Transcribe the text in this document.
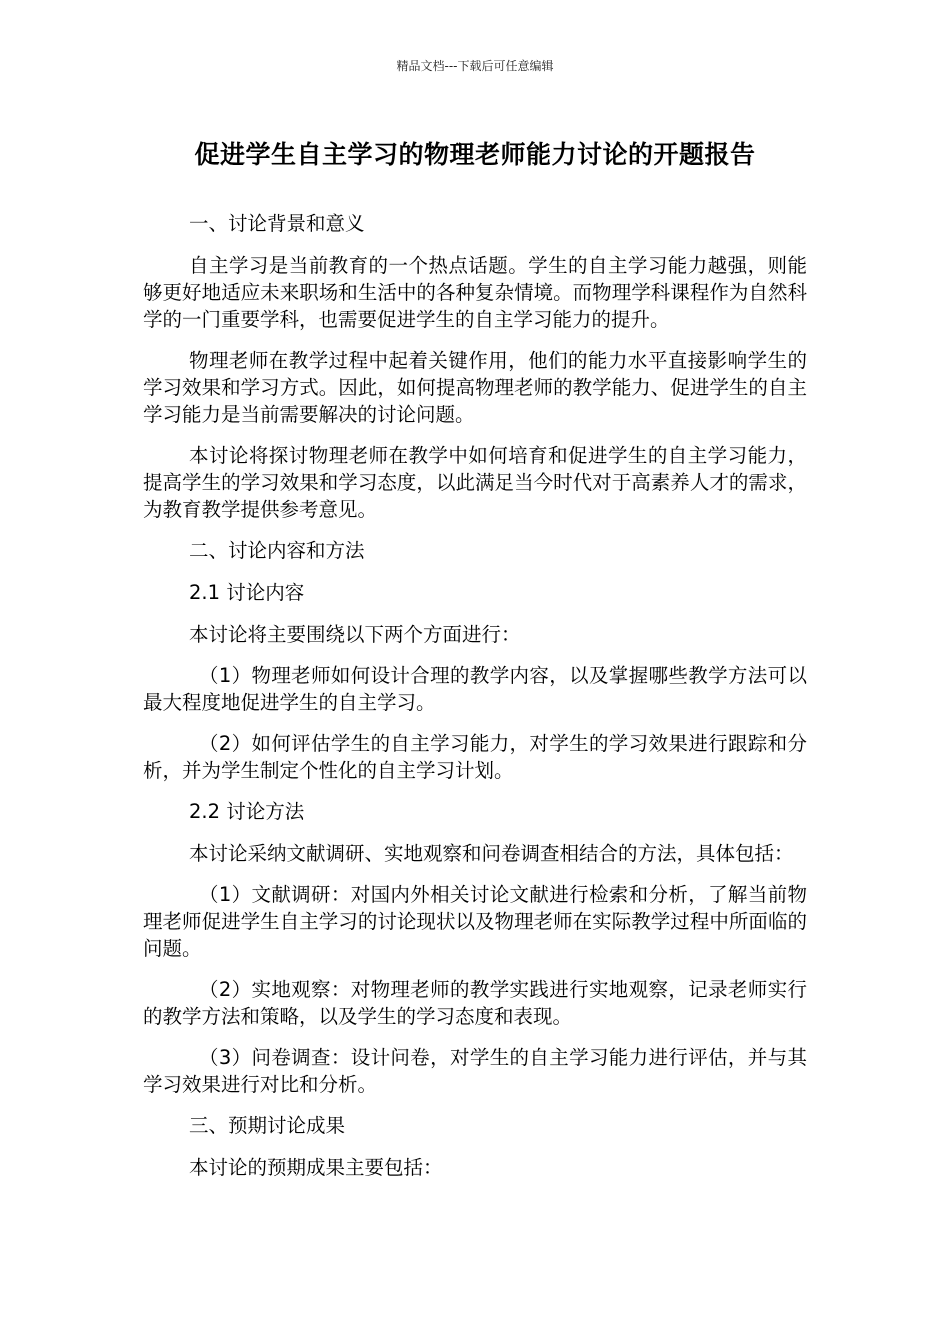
精品文档---下载后可任意编辑
促进学生自主学习的物理老师能力讨论的开题报告

一、讨论背景和意义

自主学习是当前教育的一个热点话题。学生的自主学习能力越强，则能够更好地适应未来职场和生活中的各种复杂情境。而物理学科课程作为自然科学的一门重要学科，也需要促进学生的自主学习能力的提升。

物理老师在教学过程中起着关键作用，他们的能力水平直接影响学生的学习效果和学习方式。因此，如何提高物理老师的教学能力、促进学生的自主学习能力是当前需要解决的讨论问题。

本讨论将探讨物理老师在教学中如何培育和促进学生的自主学习能力，提高学生的学习效果和学习态度，以此满足当今时代对于高素养人才的需求，为教育教学提供参考意见。

二、讨论内容和方法

2.1 讨论内容

本讨论将主要围绕以下两个方面进行：

（1）物理老师如何设计合理的教学内容，以及掌握哪些教学方法可以最大程度地促进学生的自主学习。

（2）如何评估学生的自主学习能力，对学生的学习效果进行跟踪和分析，并为学生制定个性化的自主学习计划。

2.2 讨论方法

本讨论采纳文献调研、实地观察和问卷调查相结合的方法，具体包括：

（1）文献调研：对国内外相关讨论文献进行检索和分析，了解当前物理老师促进学生自主学习的讨论现状以及物理老师在实际教学过程中所面临的问题。

（2）实地观察：对物理老师的教学实践进行实地观察，记录老师实行的教学方法和策略，以及学生的学习态度和表现。

（3）问卷调查：设计问卷，对学生的自主学习能力进行评估，并与其学习效果进行对比和分析。

三、预期讨论成果

本讨论的预期成果主要包括：
